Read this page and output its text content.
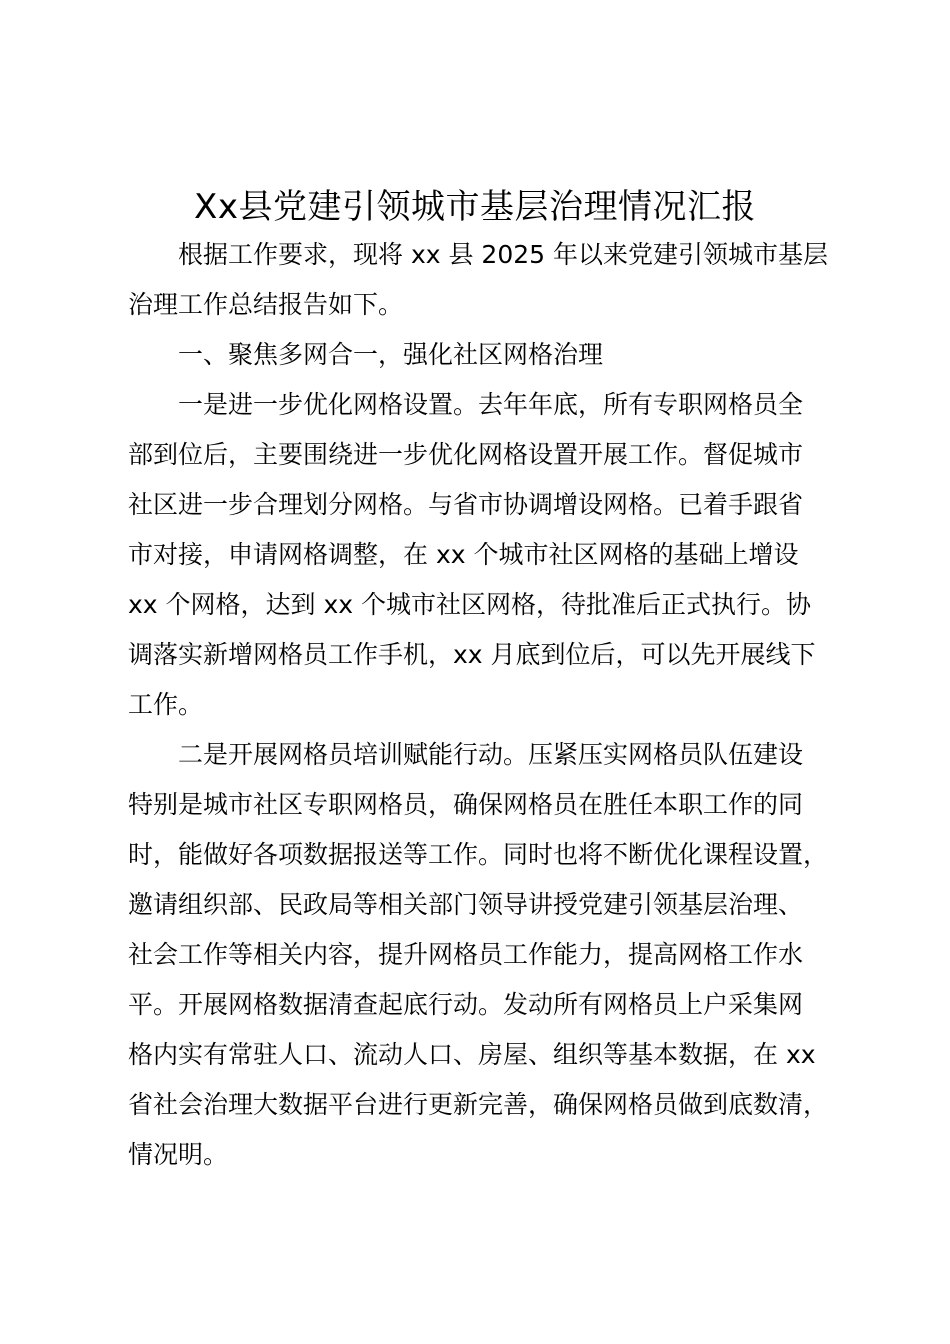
Xx县党建引领城市基层治理情况汇报

根据工作要求，现将 xx 县 2025 年以来党建引领城市基层

治理工作总结报告如下。

一、聚焦多网合一，强化社区网格治理

一是进一步优化网格设置。去年年底，所有专职网格员全

部到位后，主要围绕进一步优化网格设置开展工作。督促城市

社区进一步合理划分网格。与省市协调增设网格。已着手跟省

市对接，申请网格调整，在 xx 个城市社区网格的基础上增设

xx 个网格，达到 xx 个城市社区网格，待批准后正式执行。协

调落实新增网格员工作手机，xx 月底到位后，可以先开展线下

工作。

二是开展网格员培训赋能行动。压紧压实网格员队伍建设

特别是城市社区专职网格员，确保网格员在胜任本职工作的同

时，能做好各项数据报送等工作。同时也将不断优化课程设置，

邀请组织部、民政局等相关部门领导讲授党建引领基层治理、

社会工作等相关内容，提升网格员工作能力，提高网格工作水

平。开展网格数据清查起底行动。发动所有网格员上户采集网

格内实有常驻人口、流动人口、房屋、组织等基本数据，在 xx

省社会治理大数据平台进行更新完善，确保网格员做到底数清，

情况明。
